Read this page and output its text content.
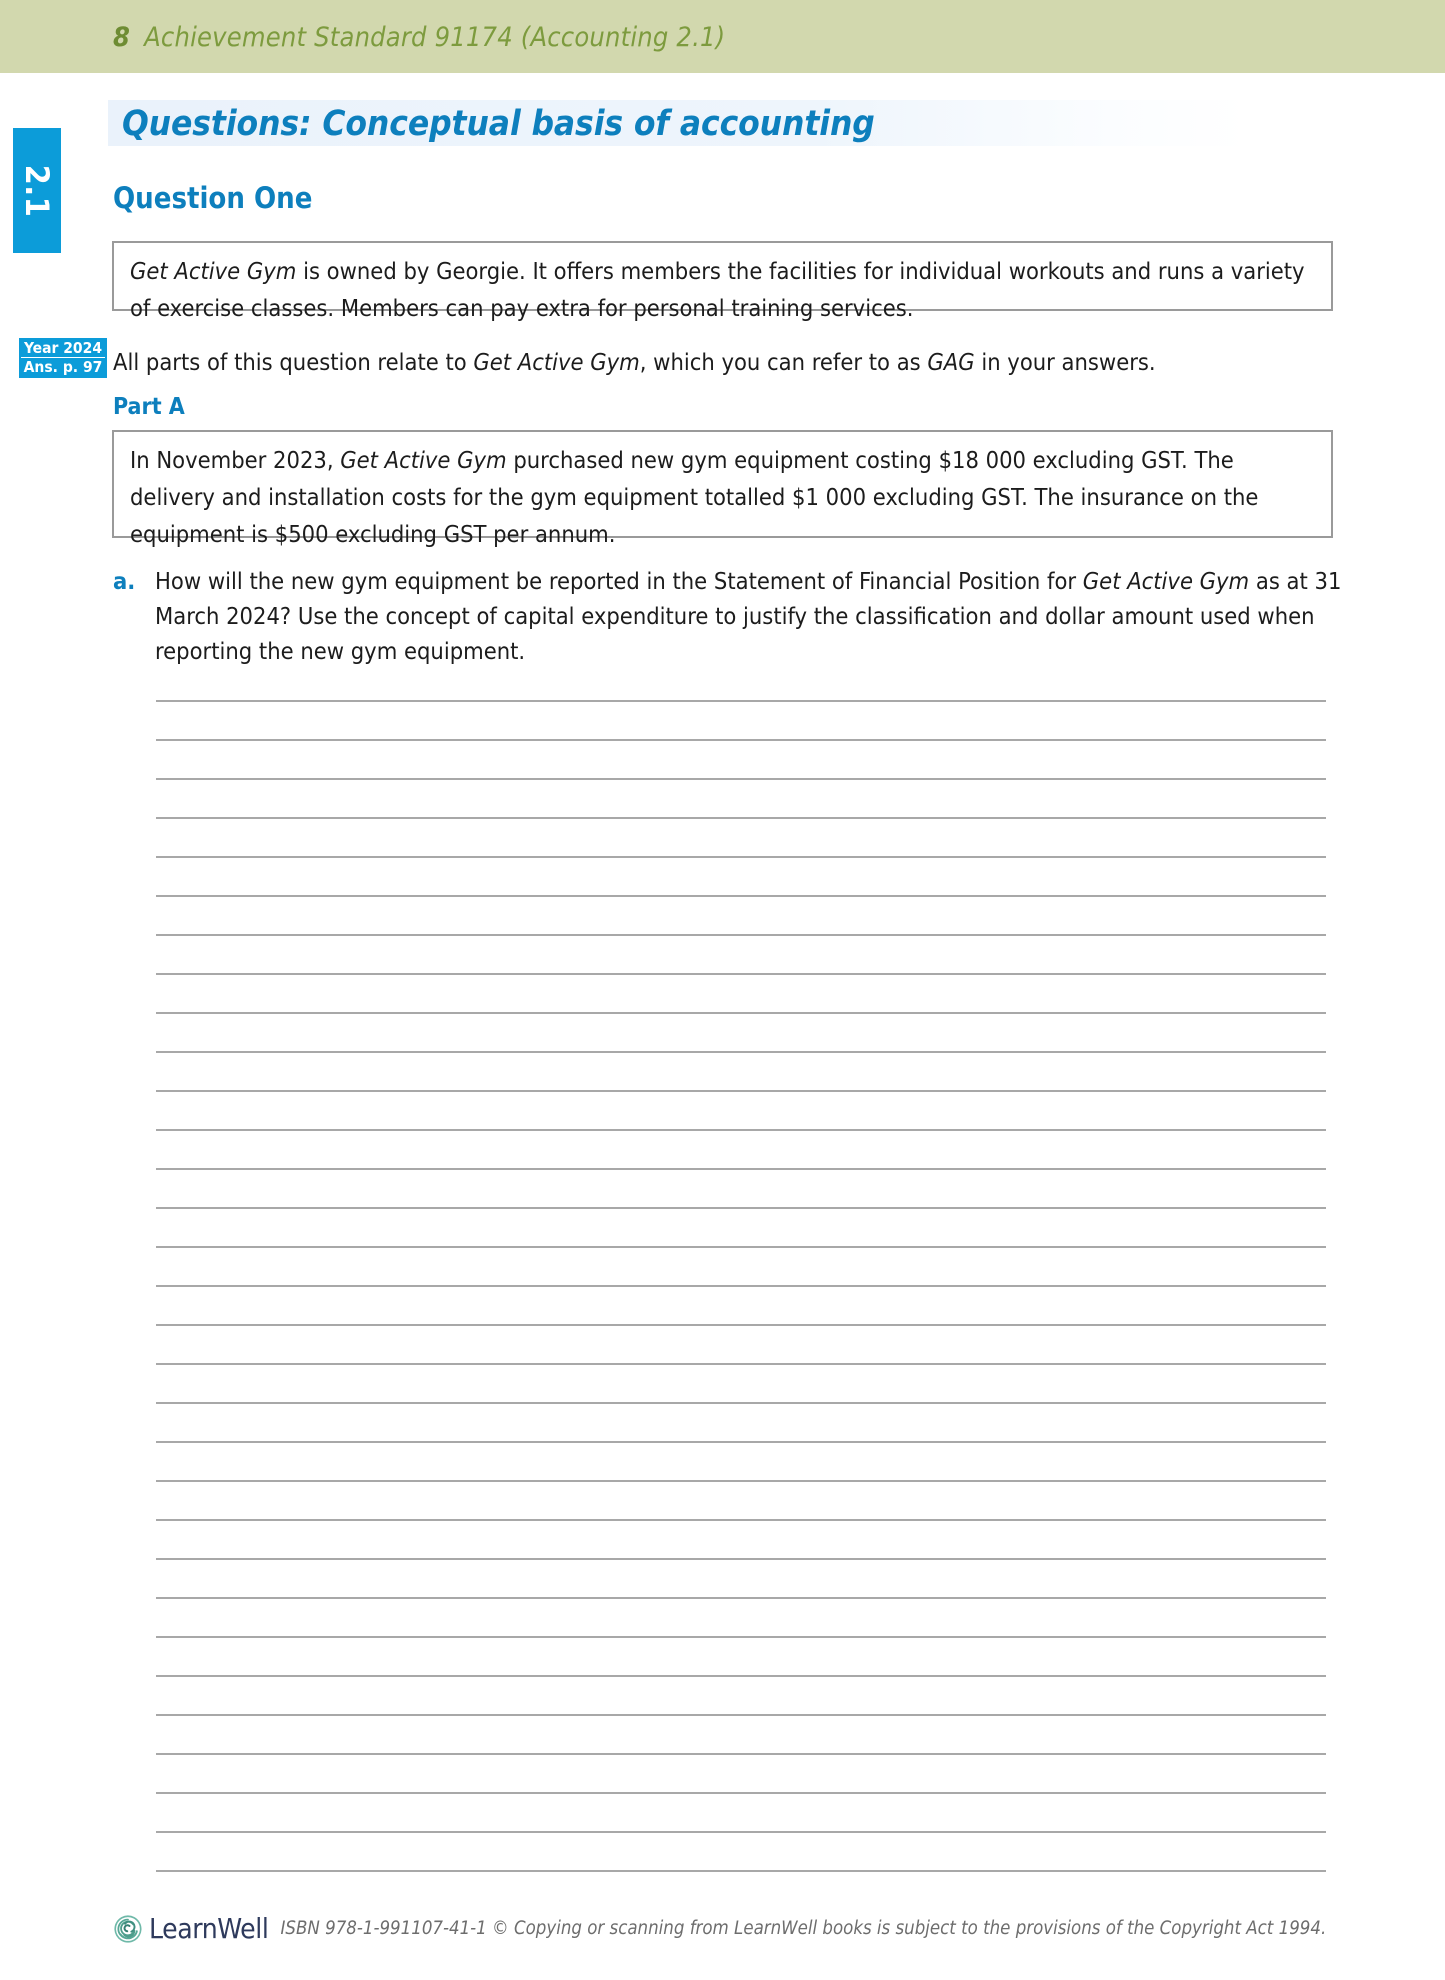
8 Achievement Standard 91174 (Accounting 2.1)
2.1
Questions: Conceptual basis of accounting
Question One
Get Active Gym is owned by Georgie. It offers members the facilities for individual workouts and runs a variety of exercise classes. Members can pay extra for personal training services.
Year 2024
Ans. p. 97 All parts of this question relate to Get Active Gym, which you can refer to as GAG in your answers.
Part A
In November 2023, Get Active Gym purchased new gym equipment costing $18 000 excluding GST. The delivery and installation costs for the gym equipment totalled $1 000 excluding GST. The insurance on the equipment is $500 excluding GST per annum.
a. How will the new gym equipment be reported in the Statement of Financial Position for Get Active Gym as at 31 March 2024? Use the concept of capital expenditure to justify the classification and dollar amount used when reporting the new gym equipment.
LearnWell ISBN 978-1-991107-41-1 © Copying or scanning from LearnWell books is subject to the provisions of the Copyright Act 1994.
